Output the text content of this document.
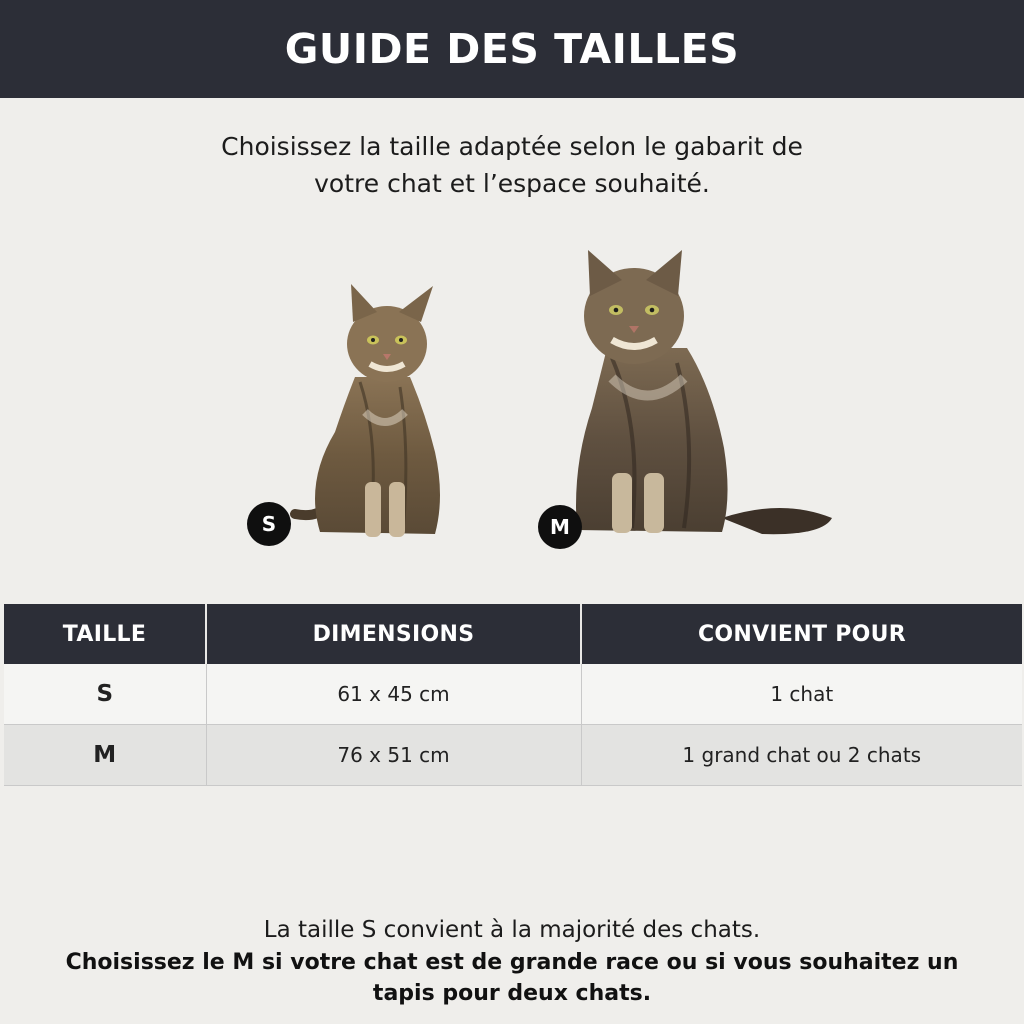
GUIDE DES TAILLES
Choisissez la taille adaptée selon le gabarit de
votre chat et l’espace souhaité.
S	M
TAILLE	DIMENSIONS	CONVIENT POUR
S	61 x 45 cm	1 chat
M	76 x 51 cm	1 grand chat ou 2 chats
La taille S convient à la majorité des chats.
Choisissez le M si votre chat est de grande race ou si vous souhaitez un tapis pour deux chats.
